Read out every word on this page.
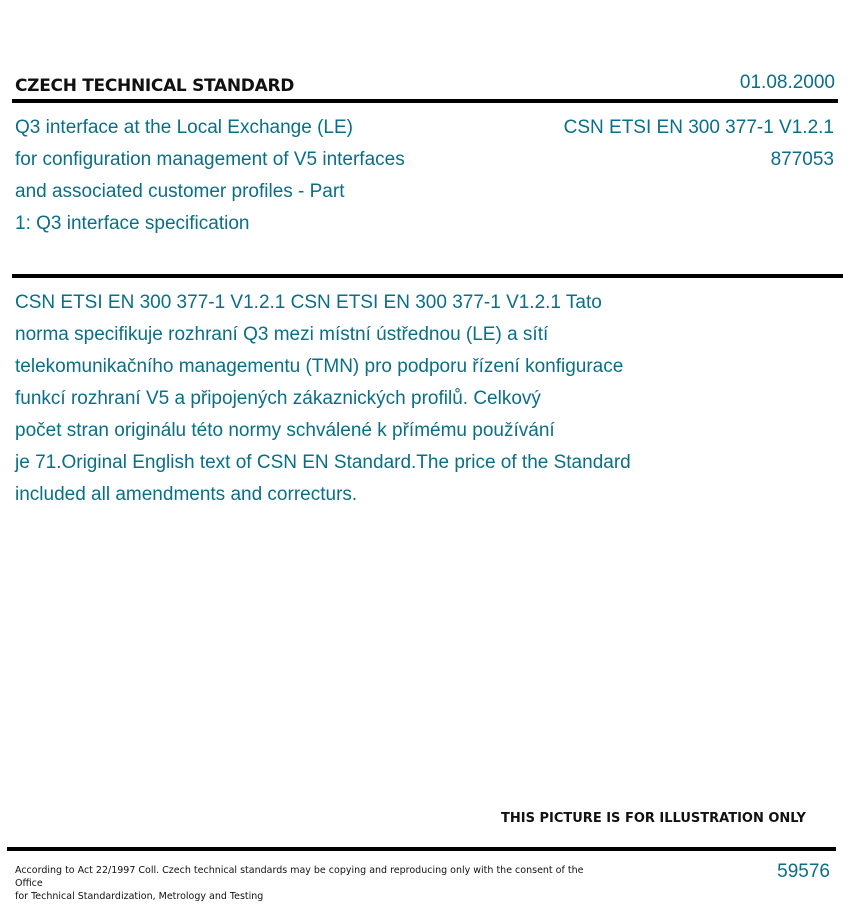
CZECH TECHNICAL STANDARD	01.08.2000
Q3 interface at the Local Exchange (LE)
for configuration management of V5 interfaces
and associated customer profiles - Part
1: Q3 interface specification
CSN ETSI EN 300 377-1 V1.2.1
877053
CSN ETSI EN 300 377-1 V1.2.1 CSN ETSI EN 300 377-1 V1.2.1 Tato
norma specifikuje rozhraní Q3 mezi místní ústřednou (LE) a sítí
telekomunikačního managementu (TMN) pro podporu řízení konfigurace
funkcí rozhraní V5 a připojených zákaznických profilů. Celkový
počet stran originálu této normy schválené k přímému používání
je 71.Original English text of CSN EN Standard.The price of the Standard
included all amendments and correcturs.
THIS PICTURE IS FOR ILLUSTRATION ONLY
According to Act 22/1997 Coll. Czech technical standards may be copying and reproducing only with the consent of the Office
for Technical Standardization, Metrology and Testing
59576
